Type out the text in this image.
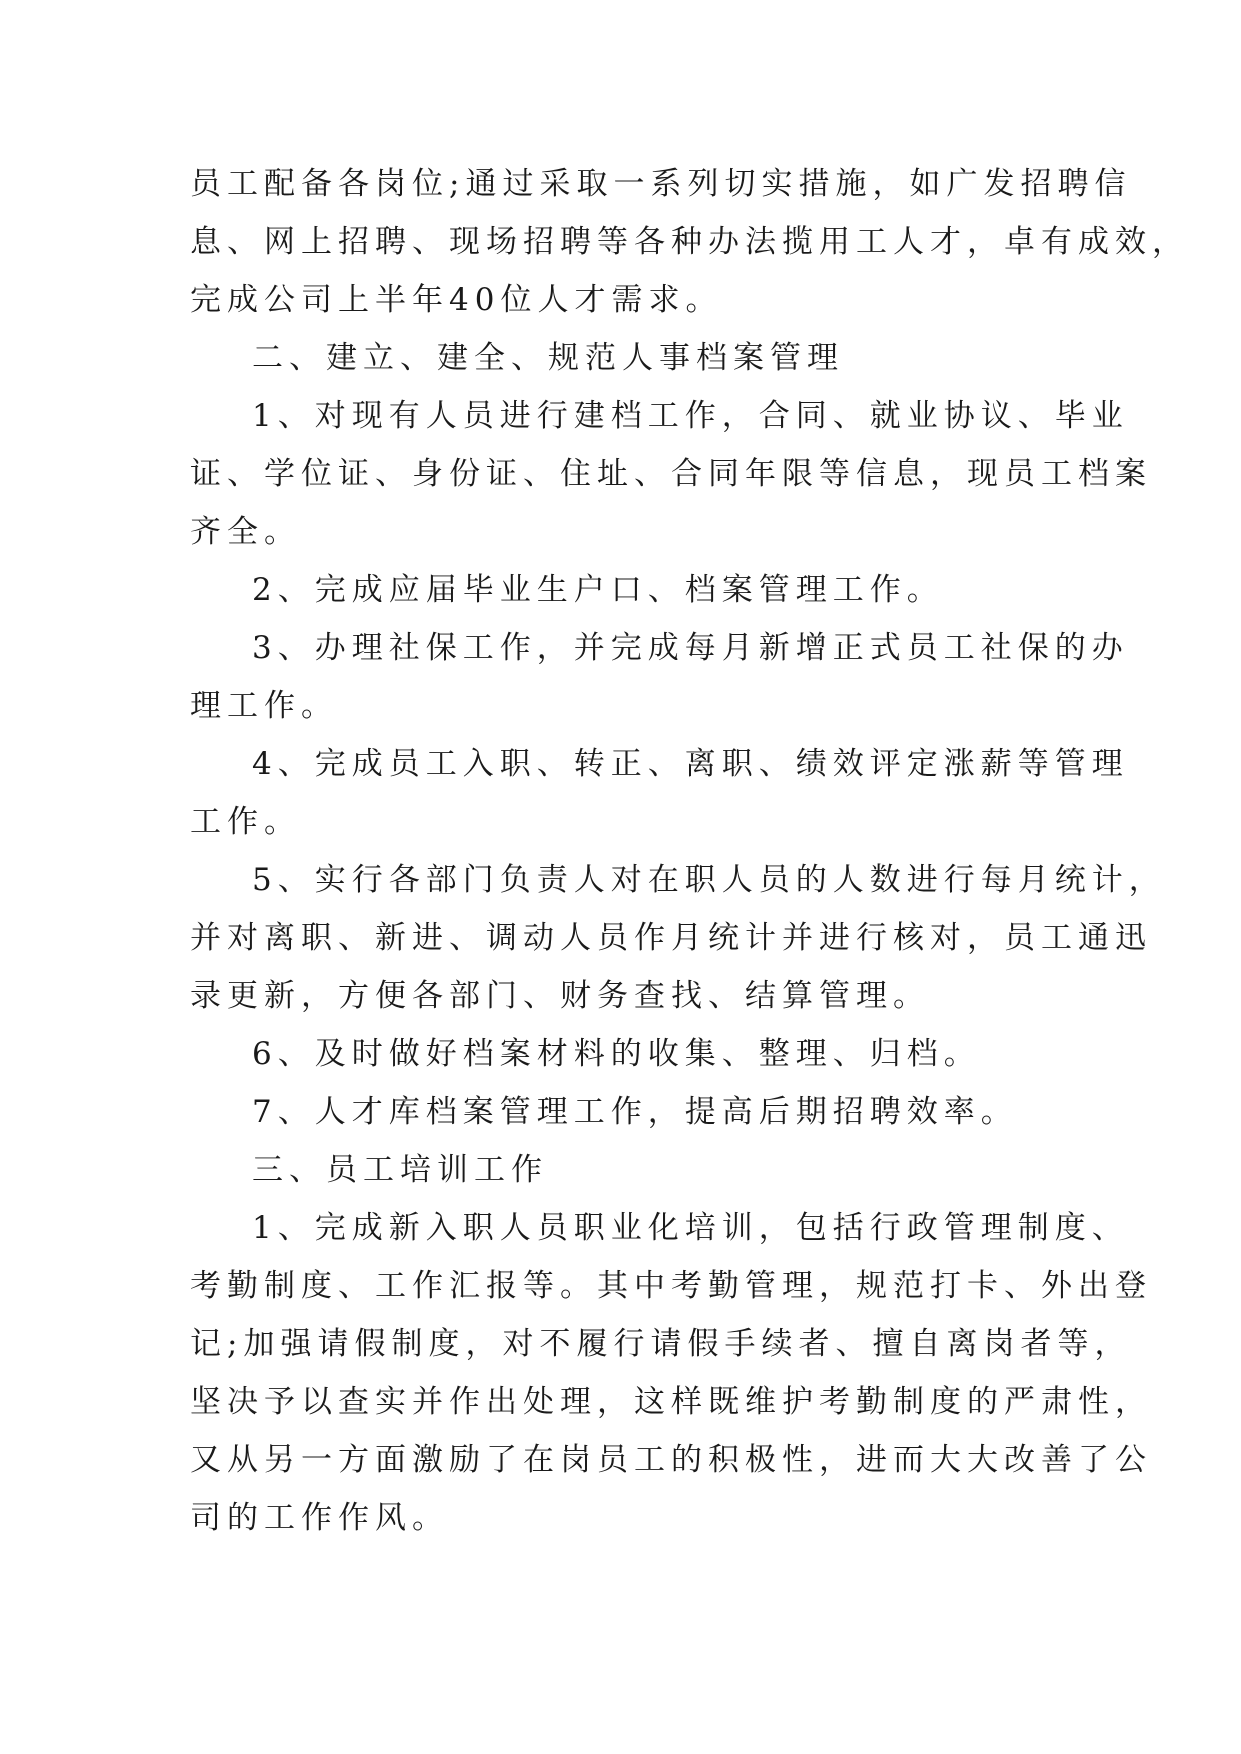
员工配备各岗位;通过采取一系列切实措施，如广发招聘信
息、网上招聘、现场招聘等各种办法揽用工人才，卓有成效，
完成公司上半年40位人才需求。
二、建立、建全、规范人事档案管理
1、对现有人员进行建档工作，合同、就业协议、毕业
证、学位证、身份证、住址、合同年限等信息，现员工档案
齐全。
2、完成应届毕业生户口、档案管理工作。
3、办理社保工作，并完成每月新增正式员工社保的办
理工作。
4、完成员工入职、转正、离职、绩效评定涨薪等管理
工作。
5、实行各部门负责人对在职人员的人数进行每月统计，
并对离职、新进、调动人员作月统计并进行核对，员工通迅
录更新，方便各部门、财务查找、结算管理。
6、及时做好档案材料的收集、整理、归档。
7、人才库档案管理工作，提高后期招聘效率。
三、员工培训工作
1、完成新入职人员职业化培训，包括行政管理制度、
考勤制度、工作汇报等。其中考勤管理，规范打卡、外出登
记;加强请假制度，对不履行请假手续者、擅自离岗者等，
坚决予以查实并作出处理，这样既维护考勤制度的严肃性，
又从另一方面激励了在岗员工的积极性，进而大大改善了公
司的工作作风。
